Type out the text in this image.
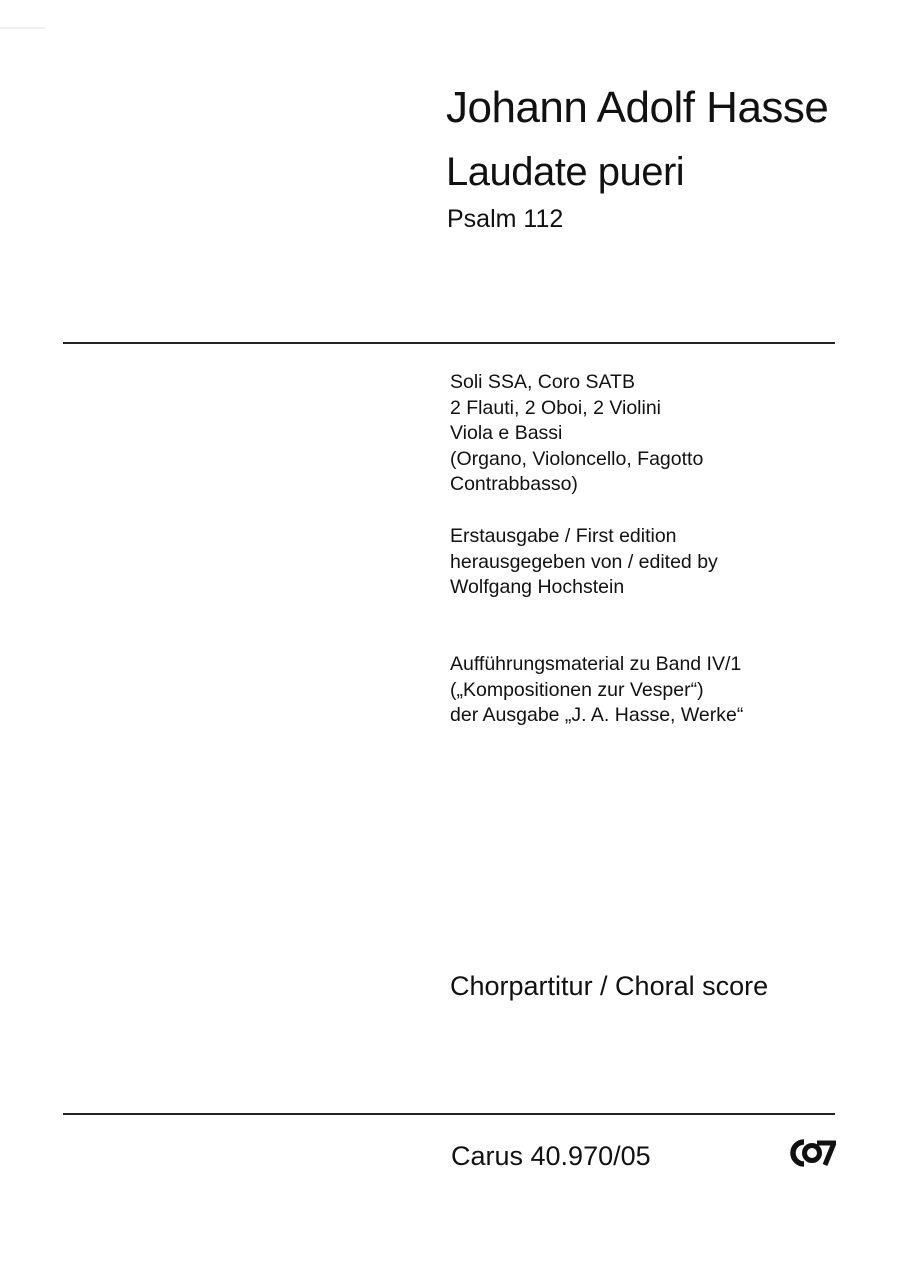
Johann Adolf Hasse
Laudate pueri
Psalm 112
Soli SSA, Coro SATB
2 Flauti, 2 Oboi, 2 Violini
Viola e Bassi
(Organo, Violoncello, Fagotto
Contrabbasso)
Erstausgabe / First edition
herausgegeben von / edited by
Wolfgang Hochstein
Aufführungsmaterial zu Band IV/1
(„Kompositionen zur Vesper“)
der Ausgabe „J. A. Hasse, Werke“
Chorpartitur / Choral score
Carus 40.970/05
